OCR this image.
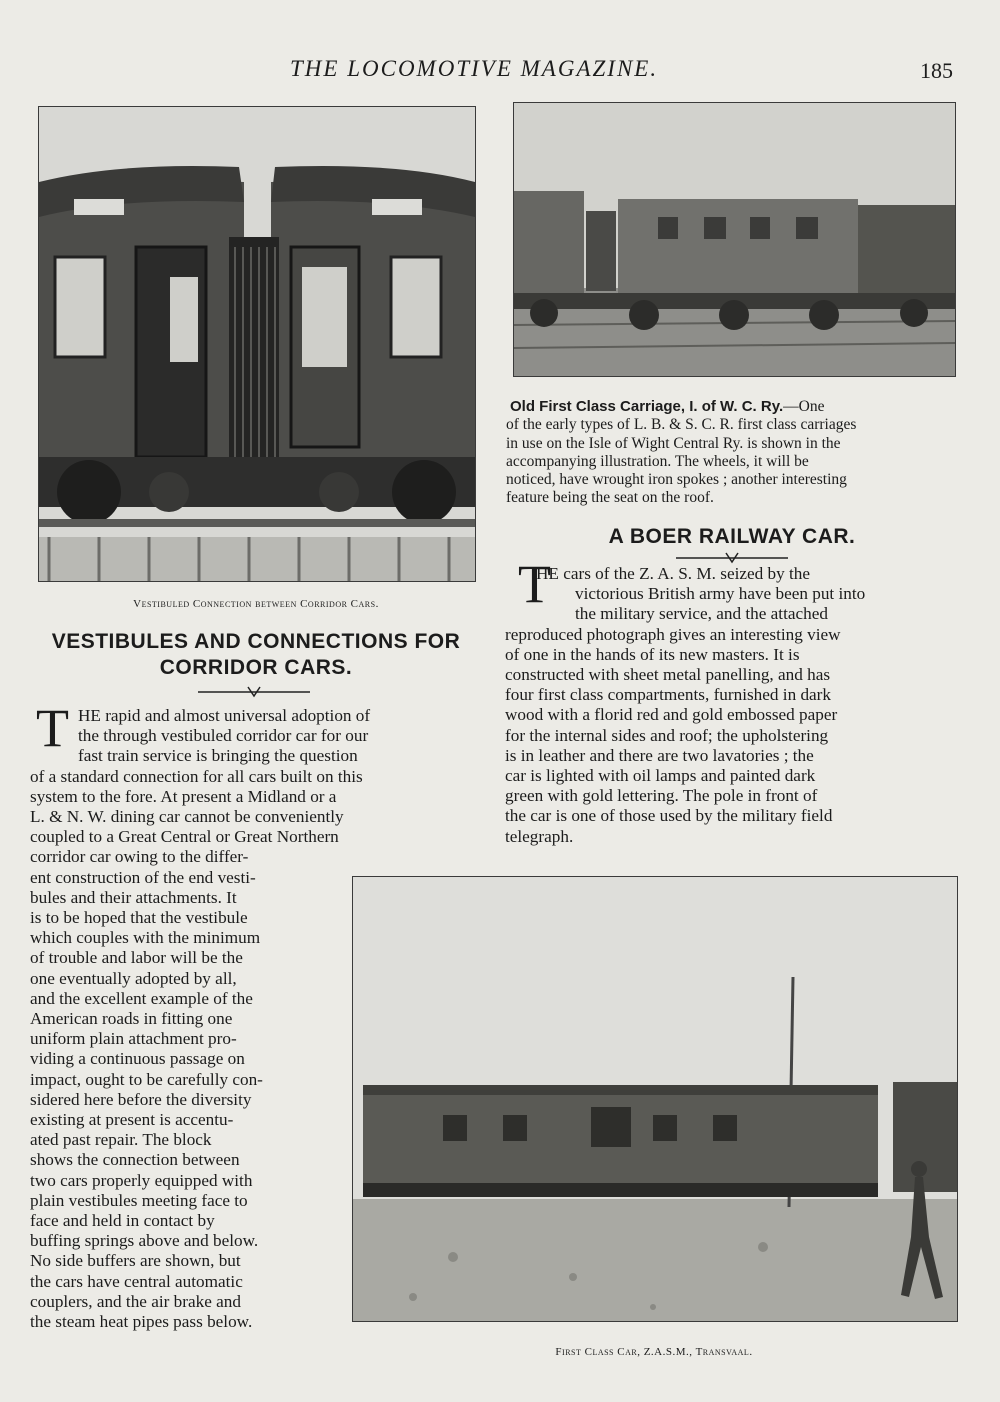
THE LOCOMOTIVE MAGAZINE.	185
Vestibuled Connection between Corridor Cars.
Old First Class Carriage, I. of W. C. Ry.—One
of the early types of L. B. & S. C. R. first class carriages
in use on the Isle of Wight Central Ry. is shown in the
accompanying illustration. The wheels, it will be
noticed, have wrought iron spokes ; another interesting
feature being the seat on the roof.
A BOER RAILWAY CAR.
T
HE cars of the Z. A. S. M. seized by the
victorious British army have been put into
the military service, and the attached
reproduced photograph gives an interesting view
of one in the hands of its new masters. It is
constructed with sheet metal panelling, and has
four first class compartments, furnished in dark
wood with a florid red and gold embossed paper
for the internal sides and roof; the upholstering
is in leather and there are two lavatories ; the
car is lighted with oil lamps and painted dark
green with gold lettering. The pole in front of
the car is one of those used by the military field
telegraph.
VESTIBULES AND CONNECTIONS FOR
CORRIDOR CARS.
T HE rapid and almost universal adoption of
the through vestibuled corridor car for our
fast train service is bringing the question
of a standard connection for all cars built on this
system to the fore. At present a Midland or a
L. & N. W. dining car cannot be conveniently
coupled to a Great Central or Great Northern
corridor car owing to the differ-
ent construction of the end vesti-
bules and their attachments. It
is to be hoped that the vestibule
which couples with the minimum
of trouble and labor will be the
one eventually adopted by all,
and the excellent example of the
American roads in fitting one
uniform plain attachment pro-
viding a continuous passage on
impact, ought to be carefully con-
sidered here before the diversity
existing at present is accentu-
ated past repair. The block
shows the connection between
two cars properly equipped with
plain vestibules meeting face to
face and held in contact by
buffing springs above and below.
No side buffers are shown, but
the cars have central automatic
couplers, and the air brake and
the steam heat pipes pass below.
First Class Car, Z.A.S.M., Transvaal.
